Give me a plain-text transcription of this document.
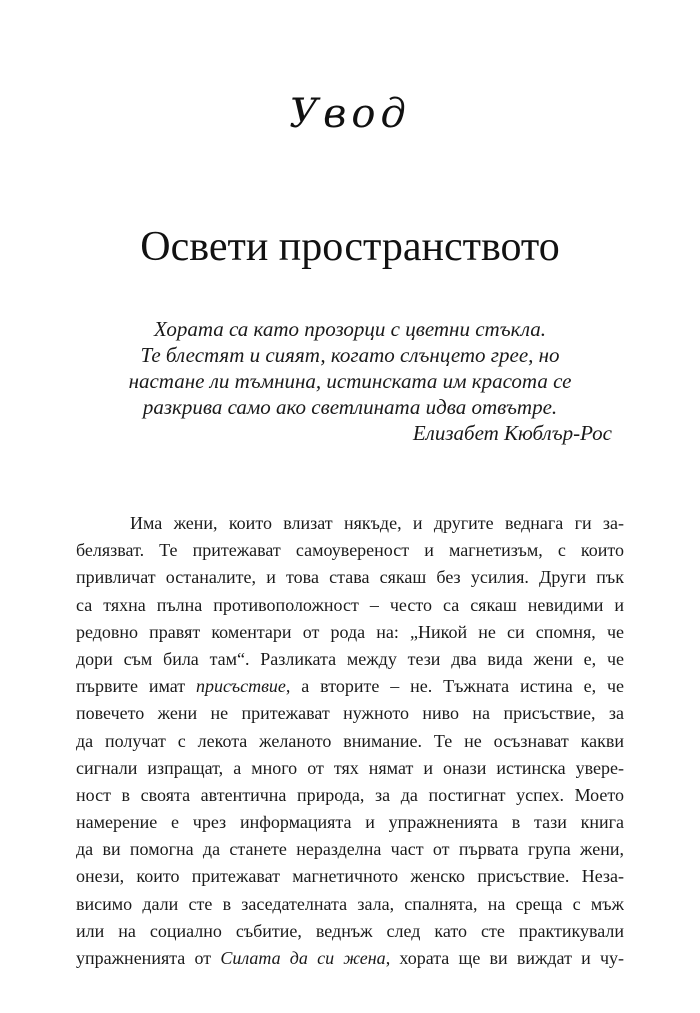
Увод
Освети пространството
Хората са като прозорци с цветни стъкла.
Те блестят и сияят, когато слънцето грее, но
настане ли тъмнина, истинската им красота се
разкрива само ако светлината идва отвътре.
Елизабет Кюблър-Рос
Има жени, които влизат някъде, и другите веднага ги за-
белязват. Те притежават самоувереност и магнетизъм, с които
привличат останалите, и това става сякаш без усилия. Други пък
са тяхна пълна противоположност – често са сякаш невидими и
редовно правят коментари от рода на: „Никой не си спомня, че
дори съм била там“. Разликата между тези два вида жени е, че
първите имат присъствие, а вторите – не. Тъжната истина е, че
повечето жени не притежават нужното ниво на присъствие, за
да получат с лекота желаното внимание. Те не осъзнават какви
сигнали изпращат, а много от тях нямат и онази истинска увере-
ност в своята автентична природа, за да постигнат успех. Моето
намерение е чрез информацията и упражненията в тази книга
да ви помогна да станете неразделна част от първата група жени,
онези, които притежават магнетичното женско присъствие. Неза-
висимо дали сте в заседателната зала, спалнята, на среща с мъж
или на социално събитие, веднъж след като сте практикували
упражненията от Силата да си жена, хората ще ви виждат и чу-
